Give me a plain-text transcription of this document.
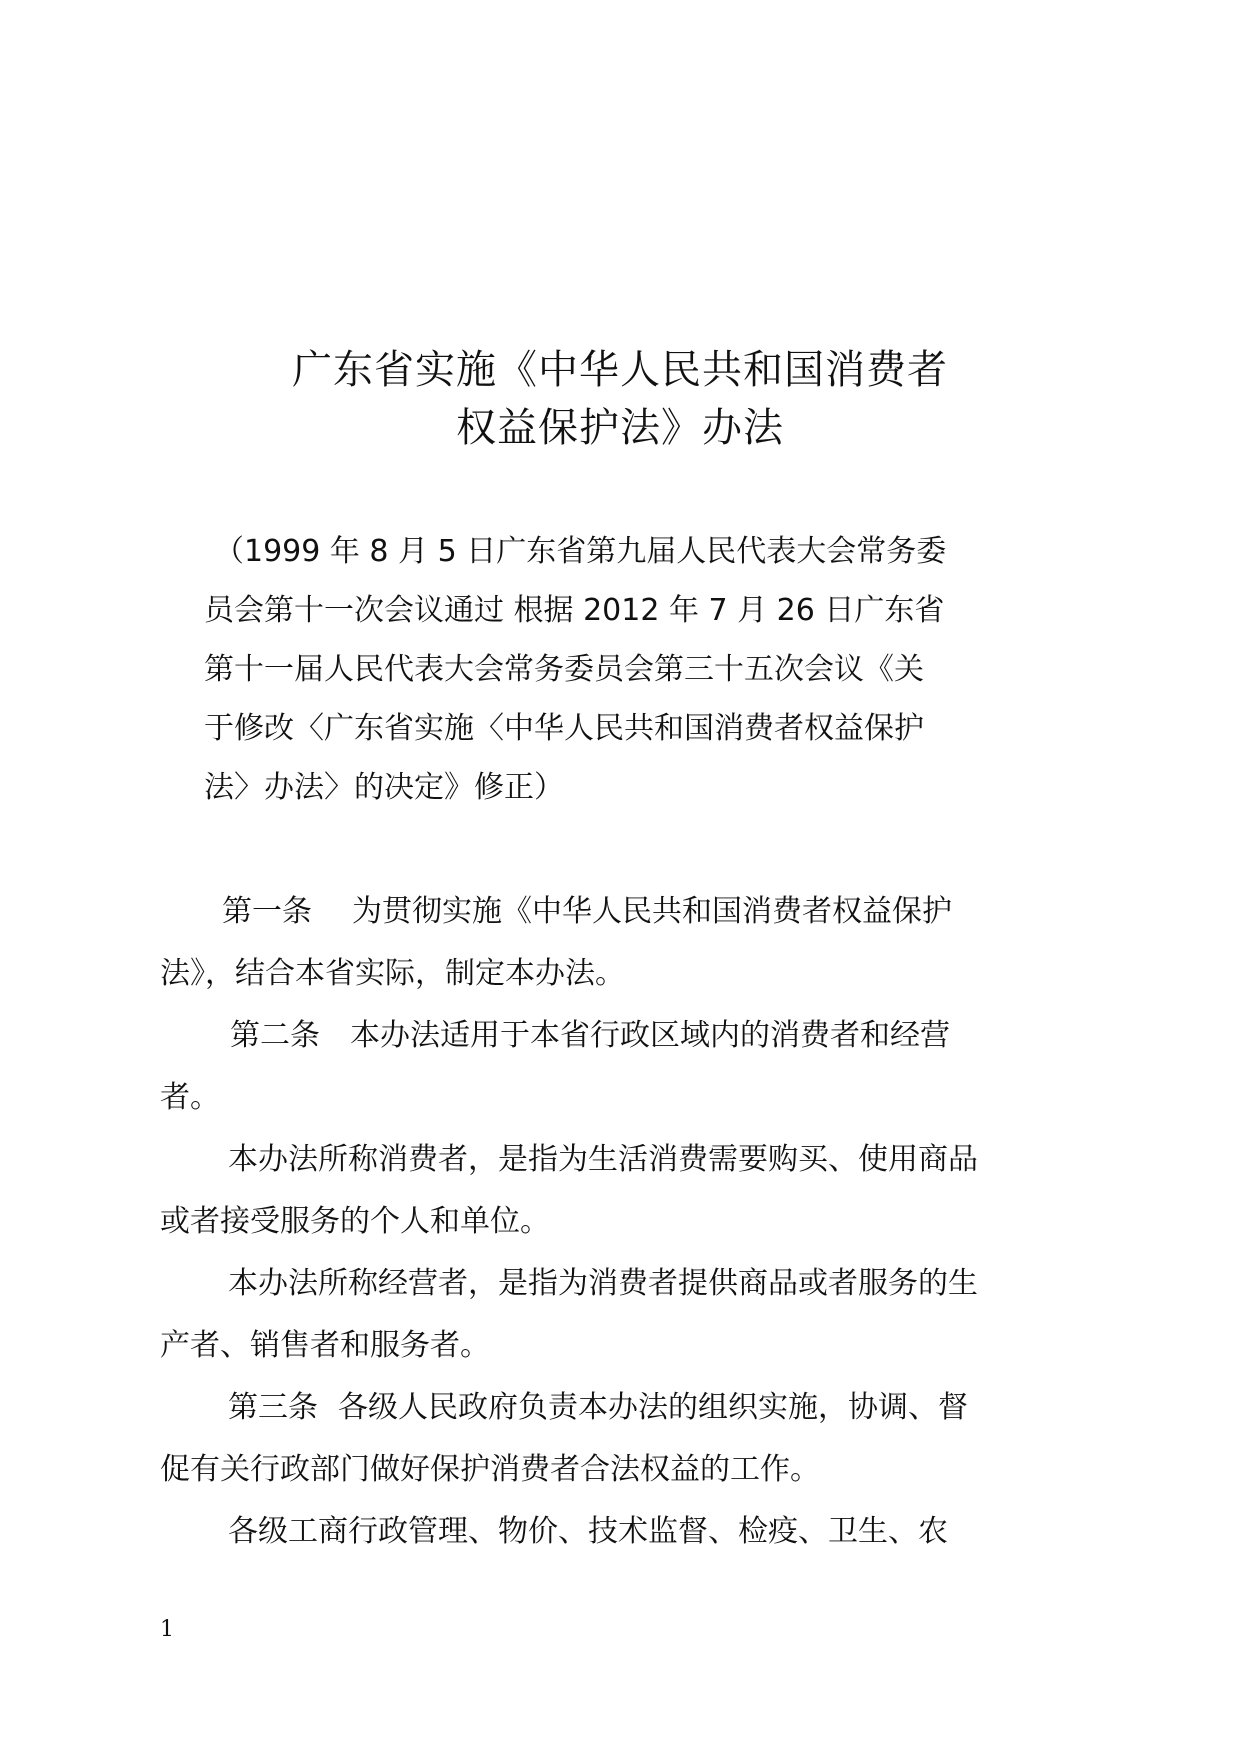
广东省实施《中华人民共和国消费者
权益保护法》办法
（1999 年 8 月 5 日广东省第九届人民代表大会常务委
员会第十一次会议通过 根据 2012 年 7 月 26 日广东省
第十一届人民代表大会常务委员会第三十五次会议《关
于修改〈广东省实施〈中华人民共和国消费者权益保护
法〉办法〉的决定》修正）
第一条 为贯彻实施《中华人民共和国消费者权益保护
法》，结合本省实际，制定本办法。
第二条 本办法适用于本省行政区域内的消费者和经营
者。
本办法所称消费者，是指为生活消费需要购买、使用商品
或者接受服务的个人和单位。
本办法所称经营者，是指为消费者提供商品或者服务的生
产者、销售者和服务者。
第三条 各级人民政府负责本办法的组织实施，协调、督
促有关行政部门做好保护消费者合法权益的工作。
各级工商行政管理、物价、技术监督、检疫、卫生、农
1
